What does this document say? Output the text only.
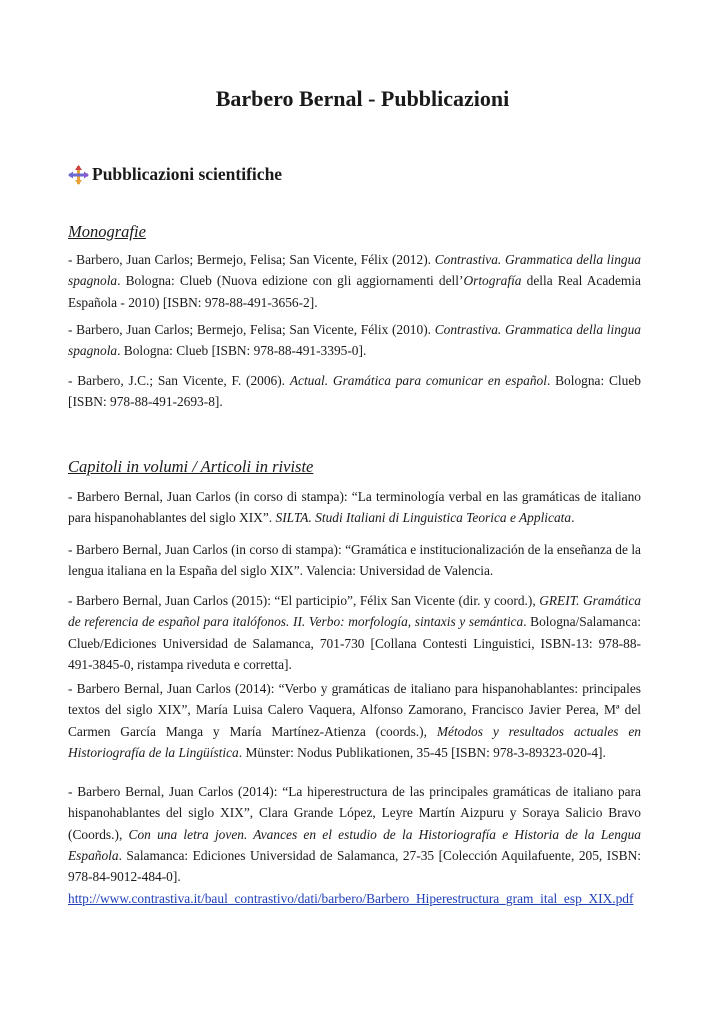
Barbero Bernal - Pubblicazioni
Pubblicazioni scientifiche
Monografie

- Barbero, Juan Carlos; Bermejo, Felisa; San Vicente, Félix (2012). Contrastiva. Grammatica della lingua spagnola. Bologna: Clueb (Nuova edizione con gli aggiornamenti dell’Ortografía della Real Academia Española - 2010) [ISBN: 978-88-491-3656-2].

- Barbero, Juan Carlos; Bermejo, Felisa; San Vicente, Félix (2010). Contrastiva. Grammatica della lingua spagnola. Bologna: Clueb [ISBN: 978-88-491-3395-0].

- Barbero, J.C.; San Vicente, F. (2006). Actual. Gramática para comunicar en español. Bologna: Clueb [ISBN: 978-88-491-2693-8].

Capitoli in volumi / Articoli in riviste

- Barbero Bernal, Juan Carlos (in corso di stampa): “La terminología verbal en las gramáticas de italiano para hispanohablantes del siglo XIX”. SILTA. Studi Italiani di Linguistica Teorica e Applicata.

- Barbero Bernal, Juan Carlos (in corso di stampa): “Gramática e institucionalización de la enseñanza de la lengua italiana en la España del siglo XIX”. Valencia: Universidad de Valencia.

- Barbero Bernal, Juan Carlos (2015): “El participio”, Félix San Vicente (dir. y coord.), GREIT. Gramática de referencia de español para italófonos. II. Verbo: morfología, sintaxis y semántica. Bologna/Salamanca: Clueb/Ediciones Universidad de Salamanca, 701-730 [Collana Contesti Linguistici, ISBN-13: 978-88-491-3845-0, ristampa riveduta e corretta].

- Barbero Bernal, Juan Carlos (2014): “Verbo y gramáticas de italiano para hispanohablantes: principales textos del siglo XIX”, María Luisa Calero Vaquera, Alfonso Zamorano, Francisco Javier Perea, Mª del Carmen García Manga y María Martínez-Atienza (coords.), Métodos y resultados actuales en Historiografía de la Lingüística. Münster: Nodus Publikationen, 35-45 [ISBN: 978-3-89323-020-4].

- Barbero Bernal, Juan Carlos (2014): “La hiperestructura de las principales gramáticas de italiano para hispanohablantes del siglo XIX”, Clara Grande López, Leyre Martín Aizpuru y Soraya Salicio Bravo (Coords.), Con una letra joven. Avances en el estudio de la Historiografía e Historia de la Lengua Española. Salamanca: Ediciones Universidad de Salamanca, 27-35 [Colección Aquilafuente, 205, ISBN: 978-84-9012-484-0].

http://www.contrastiva.it/baul_contrastivo/dati/barbero/Barbero_Hiperestructura_gram_ital_esp_XIX.pdf
